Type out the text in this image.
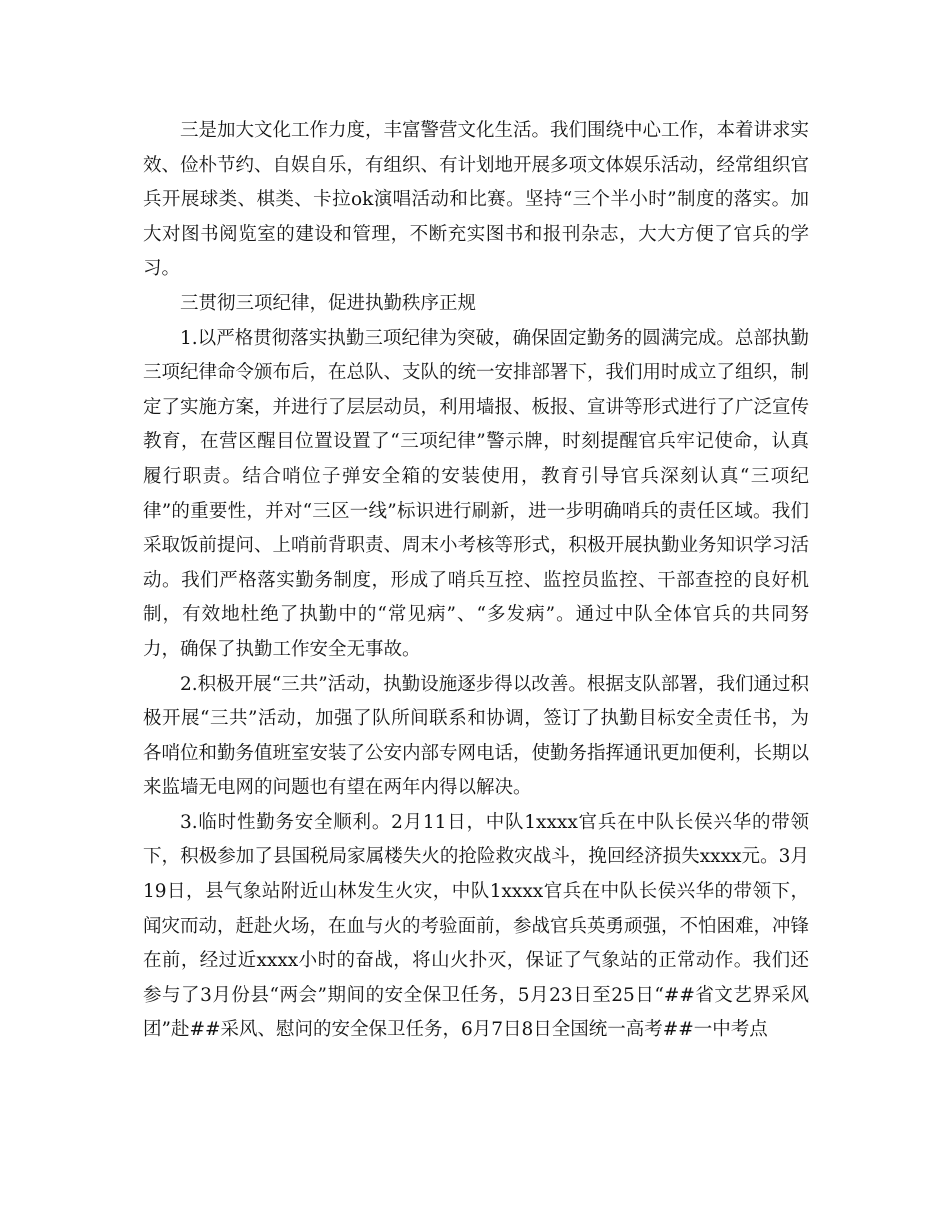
三是加大文化工作力度，丰富警营文化生活。我们围绕中心工作，本着讲求实效、俭朴节约、自娱自乐，有组织、有计划地开展多项文体娱乐活动，经常组织官兵开展球类、棋类、卡拉ok演唱活动和比赛。坚持“三个半小时”制度的落实。加大对图书阅览室的建设和管理，不断充实图书和报刊杂志，大大方便了官兵的学习。

三贯彻三项纪律，促进执勤秩序正规

1.以严格贯彻落实执勤三项纪律为突破，确保固定勤务的圆满完成。总部执勤三项纪律命令颁布后，在总队、支队的统一安排部署下，我们用时成立了组织，制定了实施方案，并进行了层层动员，利用墙报、板报、宣讲等形式进行了广泛宣传教育，在营区醒目位置设置了“三项纪律”警示牌，时刻提醒官兵牢记使命，认真履行职责。结合哨位子弹安全箱的安装使用，教育引导官兵深刻认真“三项纪律”的重要性，并对“三区一线”标识进行刷新，进一步明确哨兵的责任区域。我们采取饭前提问、上哨前背职责、周末小考核等形式，积极开展执勤业务知识学习活动。我们严格落实勤务制度，形成了哨兵互控、监控员监控、干部查控的良好机制，有效地杜绝了执勤中的“常见病”、“多发病”。通过中队全体官兵的共同努力，确保了执勤工作安全无事故。

2.积极开展“三共”活动，执勤设施逐步得以改善。根据支队部署，我们通过积极开展“三共”活动，加强了队所间联系和协调，签订了执勤目标安全责任书，为各哨位和勤务值班室安装了公安内部专网电话，使勤务指挥通讯更加便利，长期以来监墙无电网的问题也有望在两年内得以解决。

3.临时性勤务安全顺利。2月11日，中队1xxxx官兵在中队长侯兴华的带领下，积极参加了县国税局家属楼失火的抢险救灾战斗，挽回经济损失xxxx元。3月19日，县气象站附近山林发生火灾，中队1xxxx官兵在中队长侯兴华的带领下，闻灾而动，赶赴火场，在血与火的考验面前，参战官兵英勇顽强，不怕困难，冲锋在前，经过近xxxx小时的奋战，将山火扑灭，保证了气象站的正常动作。我们还参与了3月份县“两会”期间的安全保卫任务，5月23日至25日“##省文艺界采风团”赴##采风、慰问的安全保卫任务，6月7日8日全国统一高考##一中考点
